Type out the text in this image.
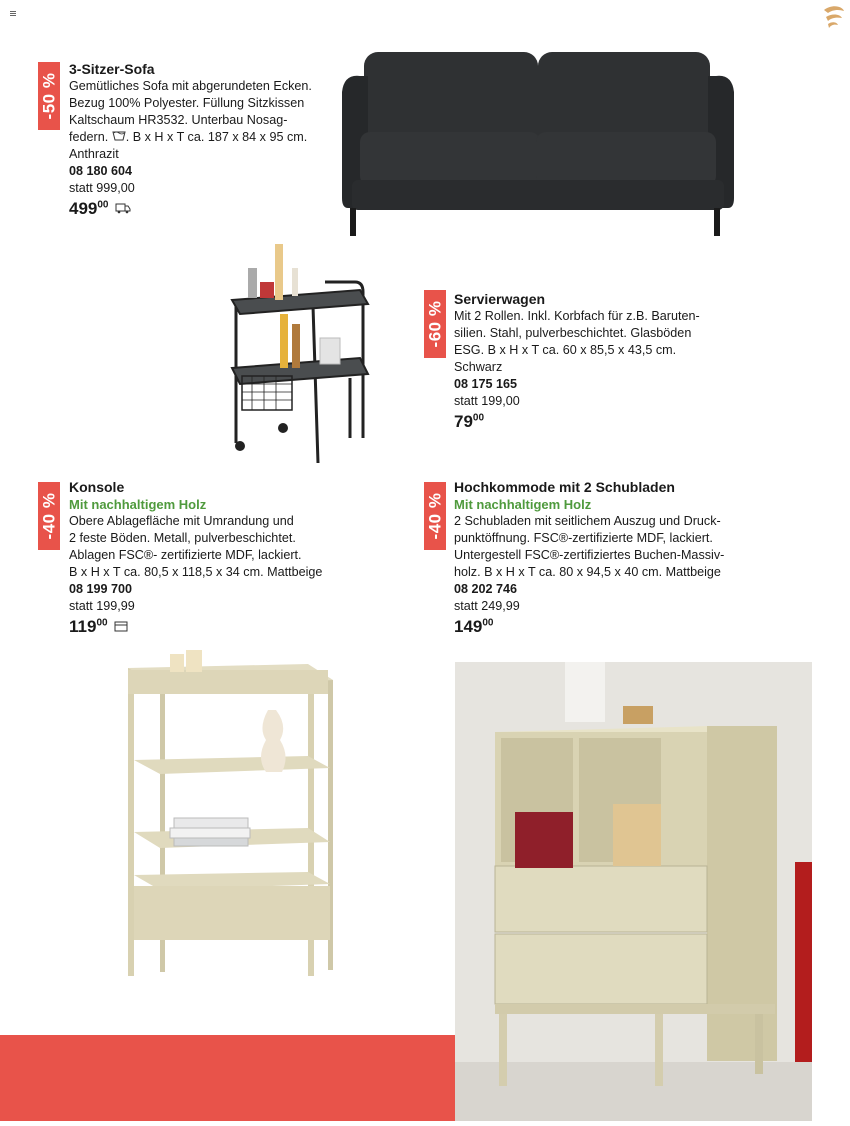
-50 %
3-Sitzer-Sofa
Gemütliches Sofa mit abgerundeten Ecken.
Bezug 100% Polyester. Füllung Sitzkissen
Kaltschaum HR3532. Unterbau Nosag-
federn. . B x H x T ca. 187 x 84 x 95 cm.
Anthrazit
08 180 604
statt 999,00
$499^{00}$
-60 %
Servierwagen
Mit 2 Rollen. Inkl. Korbfach für z.B. Baruten-
silien. Stahl, pulverbeschichtet. Glasböden
ESG. B x H x T ca. 60 x 85,5 x 43,5 cm.
Schwarz
08 175 165
statt 199,00
$79^{00}$
-40 %
Konsole
Mit nachhaltigem Holz
Obere Ablagefläche mit Umrandung und
2 feste Böden. Metall, pulverbeschichtet.
Ablagen FSC®- zertifizierte MDF, lackiert.
B x H x T ca. 80,5 x 118,5 x 34 cm. Mattbeige
08 199 700
statt 199,99
$119^{00}$
-40 %
Hochkommode mit 2 Schubladen
Mit nachhaltigem Holz
2 Schubladen mit seitlichem Auszug und Druck-
punktöffnung. FSC®-zertifizierte MDF, lackiert.
Untergestell FSC®-zertifiziertes Buchen-Massiv-
holz. B x H x T ca. 80 x 94,5 x 40 cm. Mattbeige
08 202 746
statt 249,99
$149^{00}$
